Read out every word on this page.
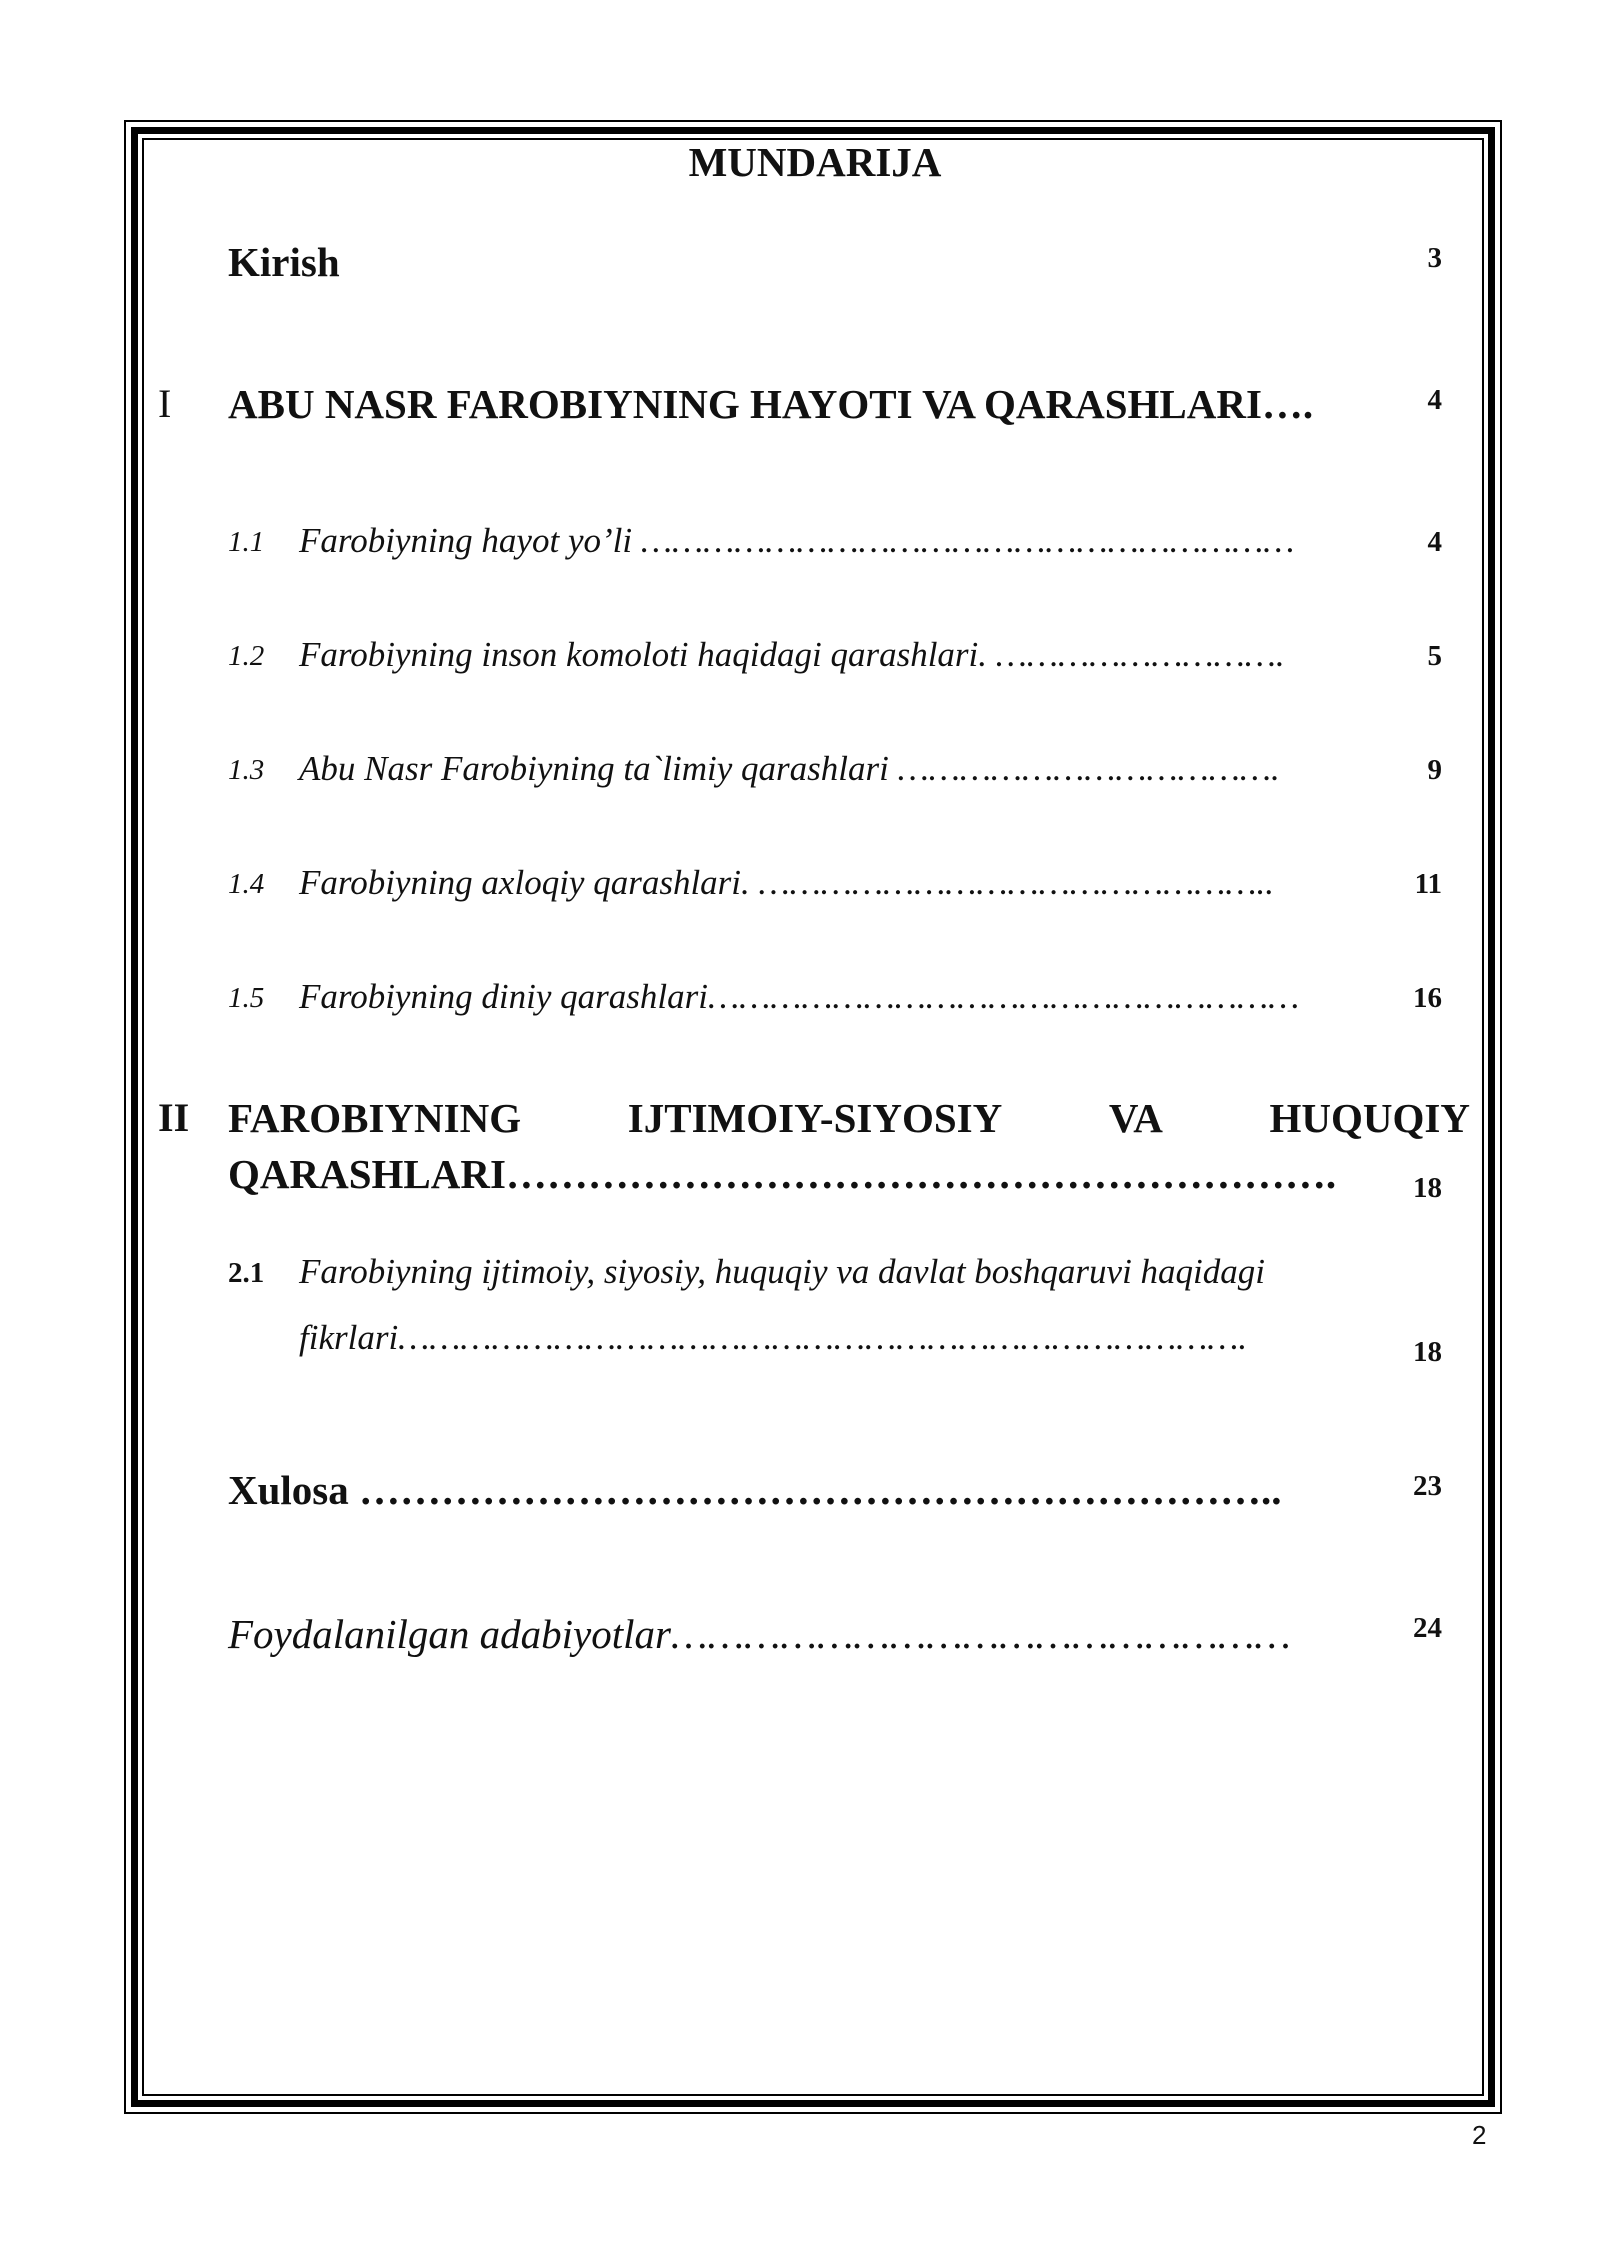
MUNDARIJA
Kirish	3
I ABU NASR FAROBIYNING HAYOTI VA QARASHLARI….	4
1.1 Farobiyning hayot yo’li ………………………………………………………	4
1.2 Farobiyning inson komoloti haqidagi qarashlari. ……………………….	5
1.3 Abu Nasr Farobiyning ta`limiy qarashlari ……………………………….	9
1.4 Farobiyning axloqiy qarashlari. …………………………………………..	11
1.5 Farobiyning diniy qarashlari…………………………………………………	16
II FAROBIYNING	IJTIMOIY-SIYOSIY	VA	HUQUQIY
QARASHLARI…………………………………………………….	18
2.1 Farobiyning ijtimoiy, siyosiy, huquqiy va davlat boshqaruvi haqidagi
fikrlari……………………………………………………………………….	18
Xulosa …………………………………………………………..	23
Foydalanilgan adabiyotlar……………………………………………	24
2
